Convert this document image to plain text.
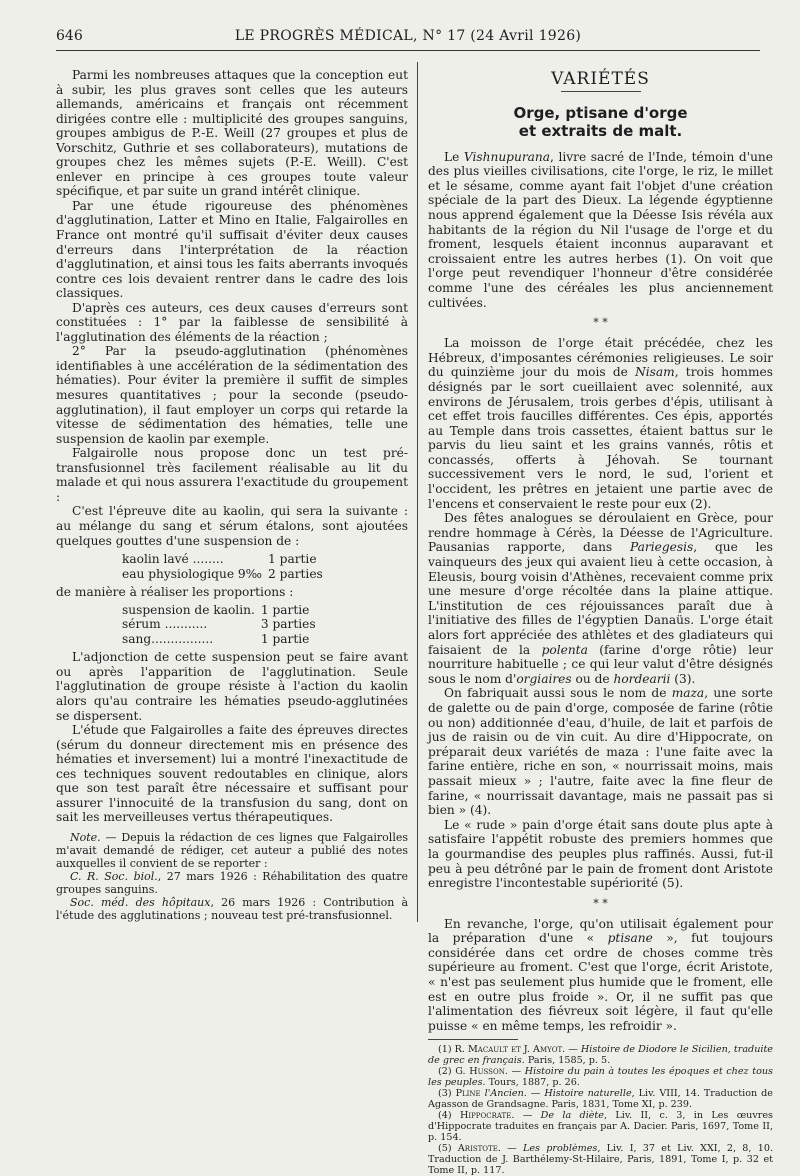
646	LE PROGRÈS MÉDICAL, N° 17 (24 Avril 1926)

Parmi les nombreuses attaques que la conception eut à subir, les plus graves sont celles que les auteurs allemands, américains et français ont récemment dirigées contre elle : multiplicité des groupes sanguins, groupes ambigus de P.-E. Weill (27 groupes et plus de Vorschitz, Guthrie et ses collaborateurs), mutations de groupes chez les mêmes sujets (P.-E. Weill). C'est enlever en principe à ces groupes toute valeur spécifique, et par suite un grand intérêt clinique.

Par une étude rigoureuse des phénomènes d'agglutination, Latter et Mino en Italie, Falgairolles en France ont montré qu'il suffisait d'éviter deux causes d'erreurs dans l'interprétation de la réaction d'agglutination, et ainsi tous les faits aberrants invoqués contre ces lois devaient rentrer dans le cadre des lois classiques.

D'après ces auteurs, ces deux causes d'erreurs sont constituées : 1° par la faiblesse de sensibilité à l'agglutination des éléments de la réaction ;

2° Par la pseudo-agglutination (phénomènes identifiables à une accélération de la sédimentation des hématies). Pour éviter la première il suffit de simples mesures quantitatives ; pour la seconde (pseudo-agglutination), il faut employer un corps qui retarde la vitesse de sédimentation des hématies, telle une suspension de kaolin par exemple.

Falgairolle nous propose donc un test pré-transfusionnel très facilement réalisable au lit du malade et qui nous assurera l'exactitude du groupement :

C'est l'épreuve dite au kaolin, qui sera la suivante : au mélange du sang et sérum étalons, sont ajoutées quelques gouttes d'une suspension de :

kaolin lavé ........	1 partie
eau physiologique 9‰	2 parties

de manière à réaliser les proportions :

suspension de kaolin.	1 partie
sérum ...........	3 parties
sang................	1 partie

L'adjonction de cette suspension peut se faire avant ou après l'apparition de l'agglutination. Seule l'agglutination de groupe résiste à l'action du kaolin alors qu'au contraire les hématies pseudo-agglutinées se dispersent.

L'étude que Falgairolles a faite des épreuves directes (sérum du donneur directement mis en présence des hématies et inversement) lui a montré l'inexactitude de ces techniques souvent redoutables en clinique, alors que son test paraît être nécessaire et suffisant pour assurer l'innocuité de la transfusion du sang, dont on sait les merveilleuses vertus thérapeutiques.

Note. — Depuis la rédaction de ces lignes que Falgairolles m'avait demandé de rédiger, cet auteur a publié des notes auxquelles il convient de se reporter :

C. R. Soc. biol., 27 mars 1926 : Réhabilitation des quatre groupes sanguins.

Soc. méd. des hôpitaux, 26 mars 1926 : Contribution à l'étude des agglutinations ; nouveau test pré-transfusionnel.

VARIÉTÉS
Orge, ptisane d'orge
et extraits de malt.

Le Vishnupurana, livre sacré de l'Inde, témoin d'une des plus vieilles civilisations, cite l'orge, le riz, le millet et le sésame, comme ayant fait l'objet d'une création spéciale de la part des Dieux. La légende égyptienne nous apprend également que la Déesse Isis révéla aux habitants de la région du Nil l'usage de l'orge et du froment, lesquels étaient inconnus auparavant et croissaient entre les autres herbes (1). On voit que l'orge peut revendiquer l'honneur d'être considérée comme l'une des céréales les plus anciennement cultivées.

* *

La moisson de l'orge était précédée, chez les Hébreux, d'imposantes cérémonies religieuses. Le soir du quinzième jour du mois de Nisam, trois hommes désignés par le sort cueillaient avec solennité, aux environs de Jérusalem, trois gerbes d'épis, utilisant à cet effet trois faucilles différentes. Ces épis, apportés au Temple dans trois cassettes, étaient battus sur le parvis du lieu saint et les grains vannés, rôtis et concassés, offerts à Jéhovah. Se tournant successivement vers le nord, le sud, l'orient et l'occident, les prêtres en jetaient une partie avec de l'encens et conservaient le reste pour eux (2).

Des fêtes analogues se déroulaient en Grèce, pour rendre hommage à Cérès, la Déesse de l'Agriculture. Pausanias rapporte, dans Pariegesis, que les vainqueurs des jeux qui avaient lieu à cette occasion, à Eleusis, bourg voisin d'Athènes, recevaient comme prix une mesure d'orge récoltée dans la plaine attique. L'institution de ces réjouissances paraît due à l'initiative des filles de l'égyptien Danaüs. L'orge était alors fort appréciée des athlètes et des gladiateurs qui faisaient de la polenta (farine d'orge rôtie) leur nourriture habituelle ; ce qui leur valut d'être désignés sous le nom d'orgiaires ou de hordearii (3).

On fabriquait aussi sous le nom de maza, une sorte de galette ou de pain d'orge, composée de farine (rôtie ou non) additionnée d'eau, d'huile, de lait et parfois de jus de raisin ou de vin cuit. Au dire d'Hippocrate, on préparait deux variétés de maza : l'une faite avec la farine entière, riche en son, « nourrissait moins, mais passait mieux » ; l'autre, faite avec la fine fleur de farine, « nourrissait davantage, mais ne passait pas si bien » (4).

Le « rude » pain d'orge était sans doute plus apte à satisfaire l'appétit robuste des premiers hommes que la gourmandise des peuples plus raffinés. Aussi, fut-il peu à peu détrôné par le pain de froment dont Aristote enregistre l'incontestable supériorité (5).

* *

En revanche, l'orge, qu'on utilisait également pour la préparation d'une « ptisane », fut toujours considérée dans cet ordre de choses comme très supérieure au froment. C'est que l'orge, écrit Aristote, « n'est pas seulement plus humide que le froment, elle est en outre plus froide ». Or, il ne suffit pas que l'alimentation des fiévreux soit légère, il faut qu'elle puisse « en même temps, les refroidir ».

(1) R. Macault et J. Amyot. — Histoire de Diodore le Sicilien, traduite de grec en français. Paris, 1585, p. 5.

(2) G. Husson. — Histoire du pain à toutes les époques et chez tous les peuples. Tours, 1887, p. 26.

(3) Pline l'Ancien. — Histoire naturelle, Liv. VIII, 14. Traduction de Agasson de Grandsagne. Paris, 1831, Tome XI, p. 239.

(4) Hippocrate. — De la diète, Liv. II, c. 3, in Les œuvres d'Hippocrate traduites en français par A. Dacier. Paris, 1697, Tome II, p. 154.

(5) Aristote. — Les problèmes, Liv. I, 37 et Liv. XXI, 2, 8, 10. Traduction de J. Barthélemy-St-Hilaire, Paris, 1891, Tome I, p. 32 et Tome II, p. 117.
